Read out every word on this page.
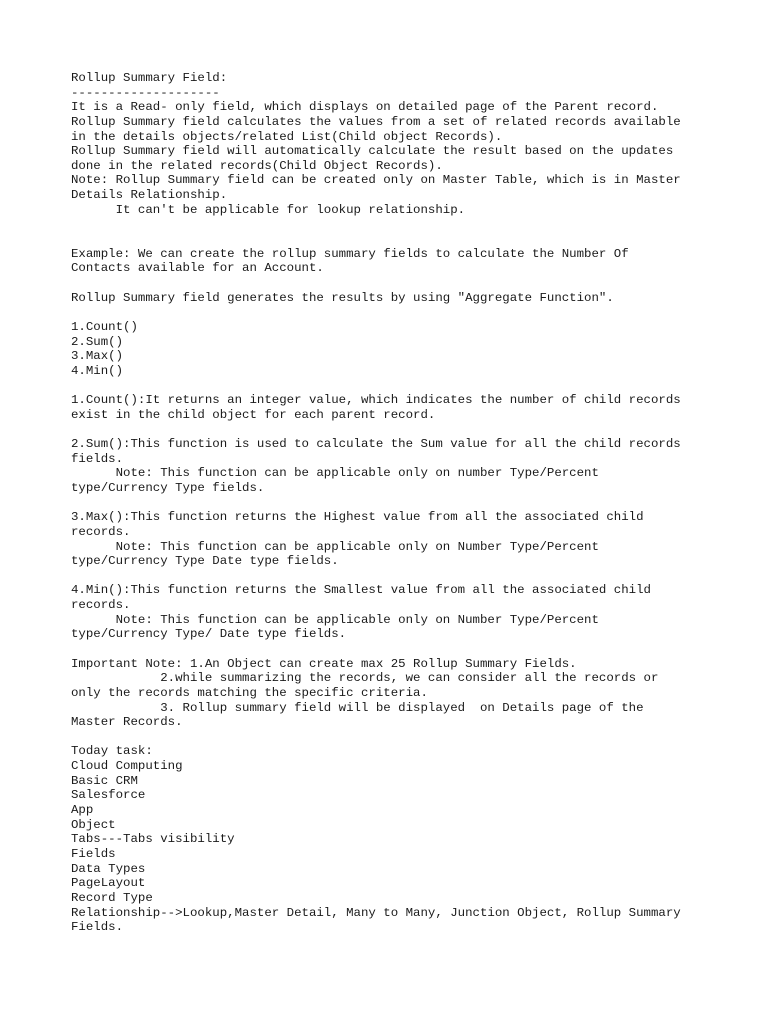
Rollup Summary Field:
--------------------
It is a Read- only field, which displays on detailed page of the Parent record.
Rollup Summary field calculates the values from a set of related records available
in the details objects/related List(Child object Records).
Rollup Summary field will automatically calculate the result based on the updates
done in the related records(Child Object Records).
Note: Rollup Summary field can be created only on Master Table, which is in Master
Details Relationship.
It can't be applicable for lookup relationship.
Example: We can create the rollup summary fields to calculate the Number Of
Contacts available for an Account.
Rollup Summary field generates the results by using "Aggregate Function".
1.Count()
2.Sum()
3.Max()
4.Min()
1.Count():It returns an integer value, which indicates the number of child records
exist in the child object for each parent record.
2.Sum():This function is used to calculate the Sum value for all the child records
fields.
Note: This function can be applicable only on number Type/Percent
type/Currency Type fields.
3.Max():This function returns the Highest value from all the associated child
records.
Note: This function can be applicable only on Number Type/Percent
type/Currency Type Date type fields.
4.Min():This function returns the Smallest value from all the associated child
records.
Note: This function can be applicable only on Number Type/Percent
type/Currency Type/ Date type fields.
Important Note: 1.An Object can create max 25 Rollup Summary Fields.
2.while summarizing the records, we can consider all the records or
only the records matching the specific criteria.
3. Rollup summary field will be displayed  on Details page of the
Master Records.
Today task:
Cloud Computing
Basic CRM
Salesforce
App
Object
Tabs---Tabs visibility
Fields
Data Types
PageLayout
Record Type
Relationship-->Lookup,Master Detail, Many to Many, Junction Object, Rollup Summary
Fields.
